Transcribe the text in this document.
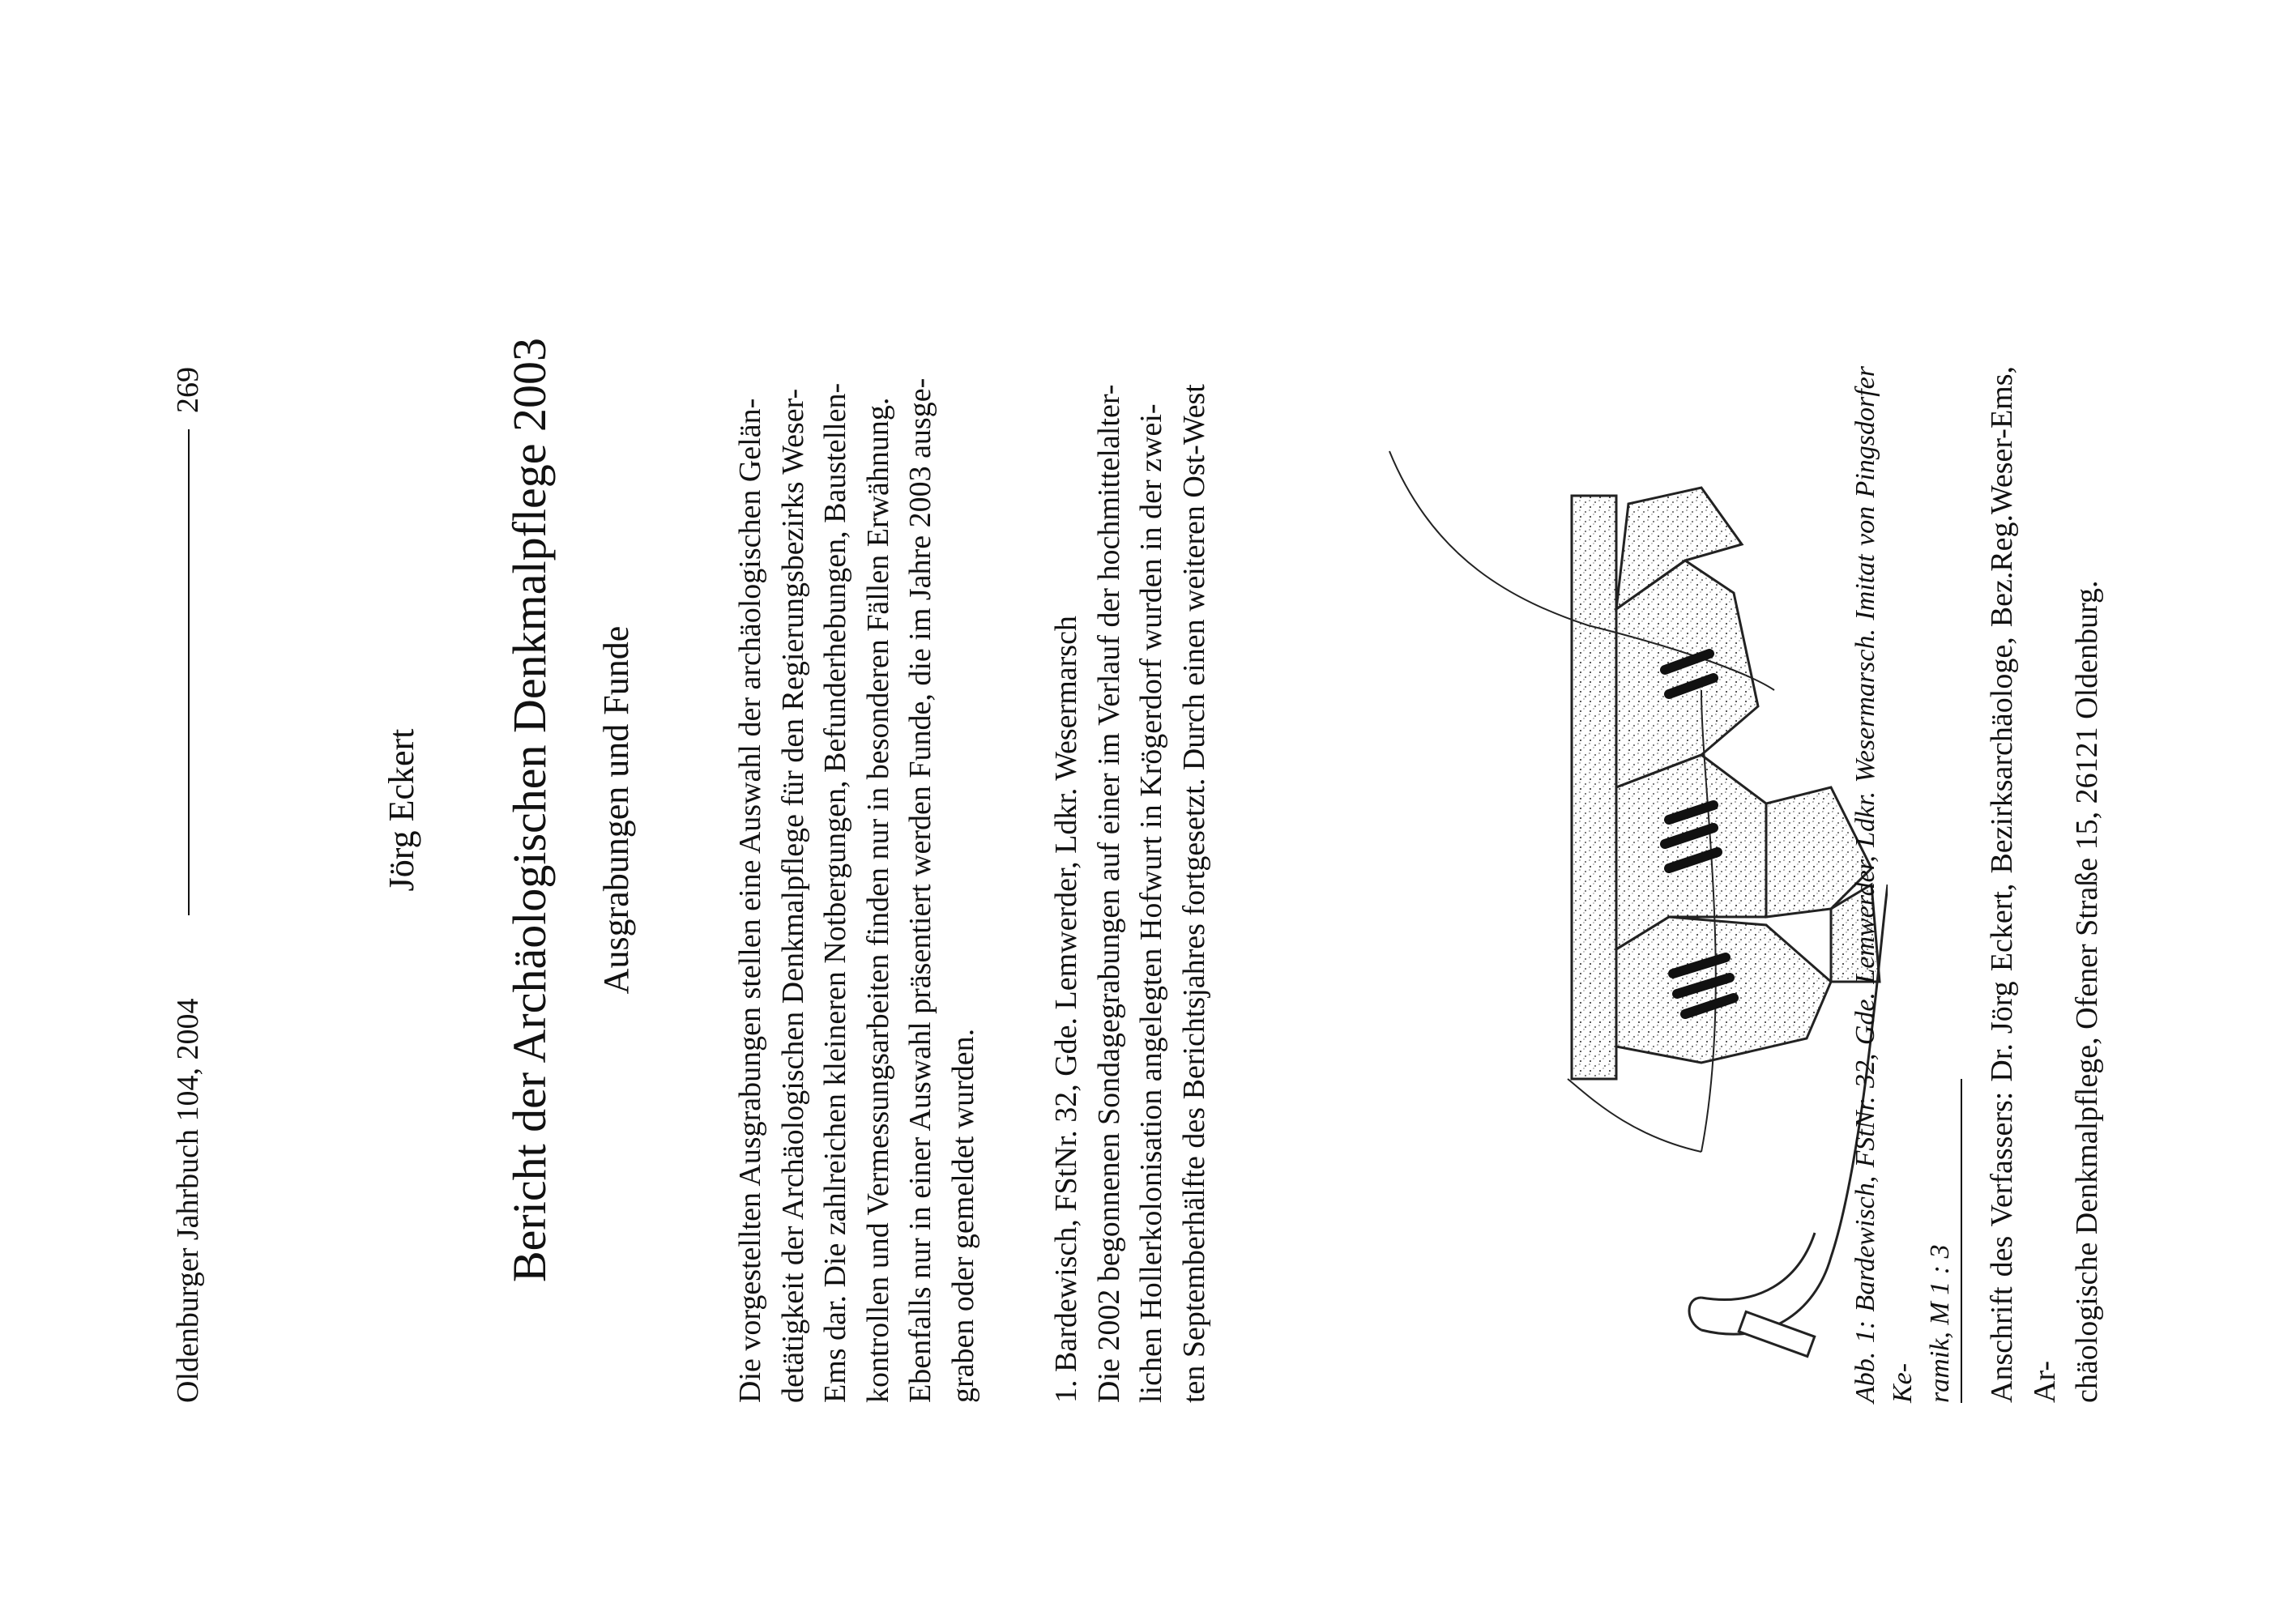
Oldenburger Jahrbuch 104, 2004
269
Jörg Eckert Bericht der Archäologischen Denkmalpflege 2003 Ausgrabungen und Funde	Die vorgestellten Ausgrabungen stellen eine Auswahl der archäologischen Gelän- detätigkeit der Archäologischen Denkmalpflege für den Regierungsbezirks Weser- Ems dar. Die zahlreichen kleineren Notbergungen, Befunderhebungen, Baustellen- kontrollen und Vermessungsarbeiten finden nur in besonderen Fällen Erwähnung. Ebenfalls nur in einer Auswahl präsentiert werden Funde, die im Jahre 2003 ausge- graben oder gemeldet wurden. 1. Bardewisch, FStNr. 32, Gde. Lemwerder, Ldkr. Wesermarsch Die 2002 begonnenen Sondagegrabungen auf einer im Verlauf der hochmittelalter- lichen Hollerkolonisation angelegten Hofwurt in Krögerdorf wurden in der zwei- ten Septemberhälfte des Berichtsjahres fortgesetzt. Durch einen weiteren Ost-West	Abb. 1: Bardewisch, FStNr. 32, Gde. Lemwerder, Ldkr. Wesermarsch. Imitat von Pingsdorfer Ke- ramik, M 1 : 3 Anschrift des Verfassers: Dr. Jörg Eckert, Bezirksarchäologe, Bez.Reg.Weser-Ems, Ar- chäologische Denkmalpflege, Ofener Straße 15, 26121 Oldenburg.
